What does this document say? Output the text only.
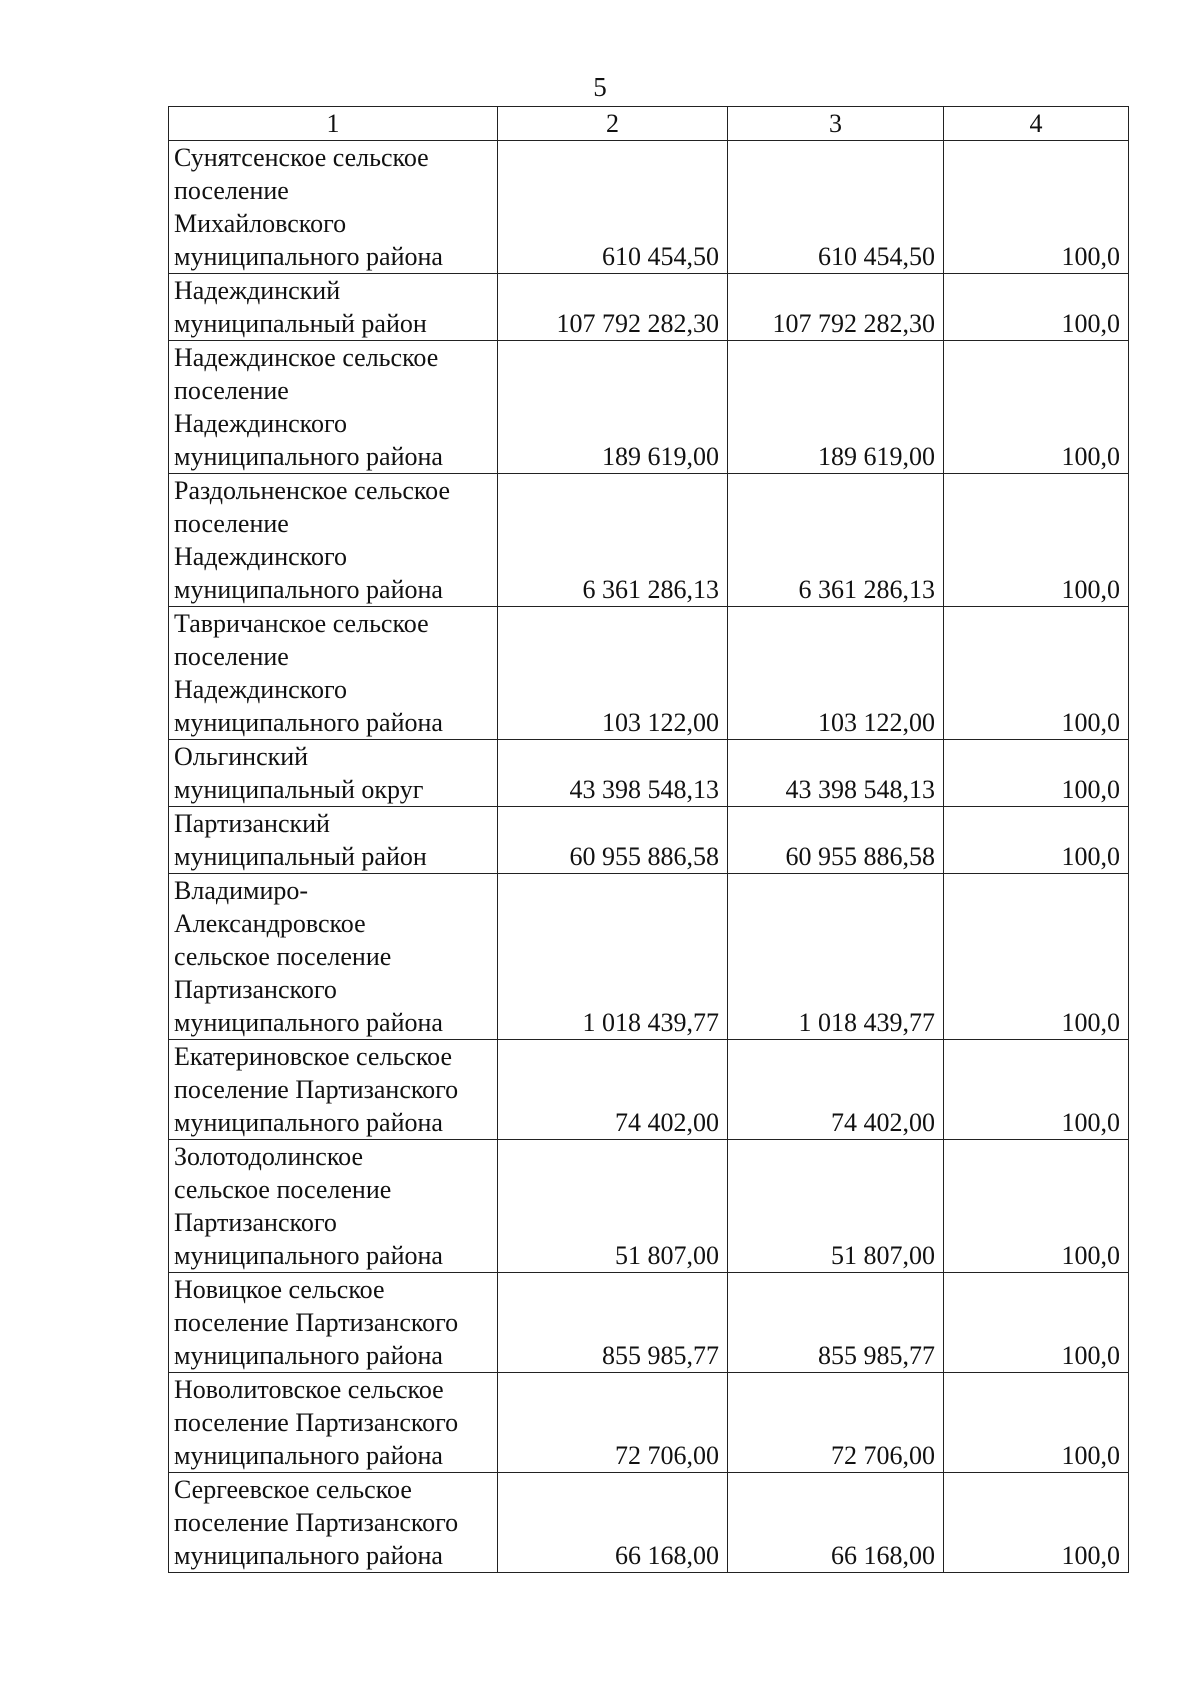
5
1	2	3	4
Сунятсенское сельское
поселение
Михайловского
муниципального района	610 454,50	610 454,50	100,0
Надеждинский
муниципальный район	107 792 282,30	107 792 282,30	100,0
Надеждинское сельское
поселение
Надеждинского
муниципального района	189 619,00	189 619,00	100,0
Раздольненское сельское
поселение
Надеждинского
муниципального района	6 361 286,13	6 361 286,13	100,0
Тавричанское сельское
поселение
Надеждинского
муниципального района	103 122,00	103 122,00	100,0
Ольгинский
муниципальный округ	43 398 548,13	43 398 548,13	100,0
Партизанский
муниципальный район	60 955 886,58	60 955 886,58	100,0
Владимиро-
Александровское
сельское поселение
Партизанского
муниципального района	1 018 439,77	1 018 439,77	100,0
Екатериновское сельское
поселение Партизанского
муниципального района	74 402,00	74 402,00	100,0
Золотодолинское
сельское поселение
Партизанского
муниципального района	51 807,00	51 807,00	100,0
Новицкое сельское
поселение Партизанского
муниципального района	855 985,77	855 985,77	100,0
Новолитовское сельское
поселение Партизанского
муниципального района	72 706,00	72 706,00	100,0
Сергеевское сельское
поселение Партизанского
муниципального района	66 168,00	66 168,00	100,0
